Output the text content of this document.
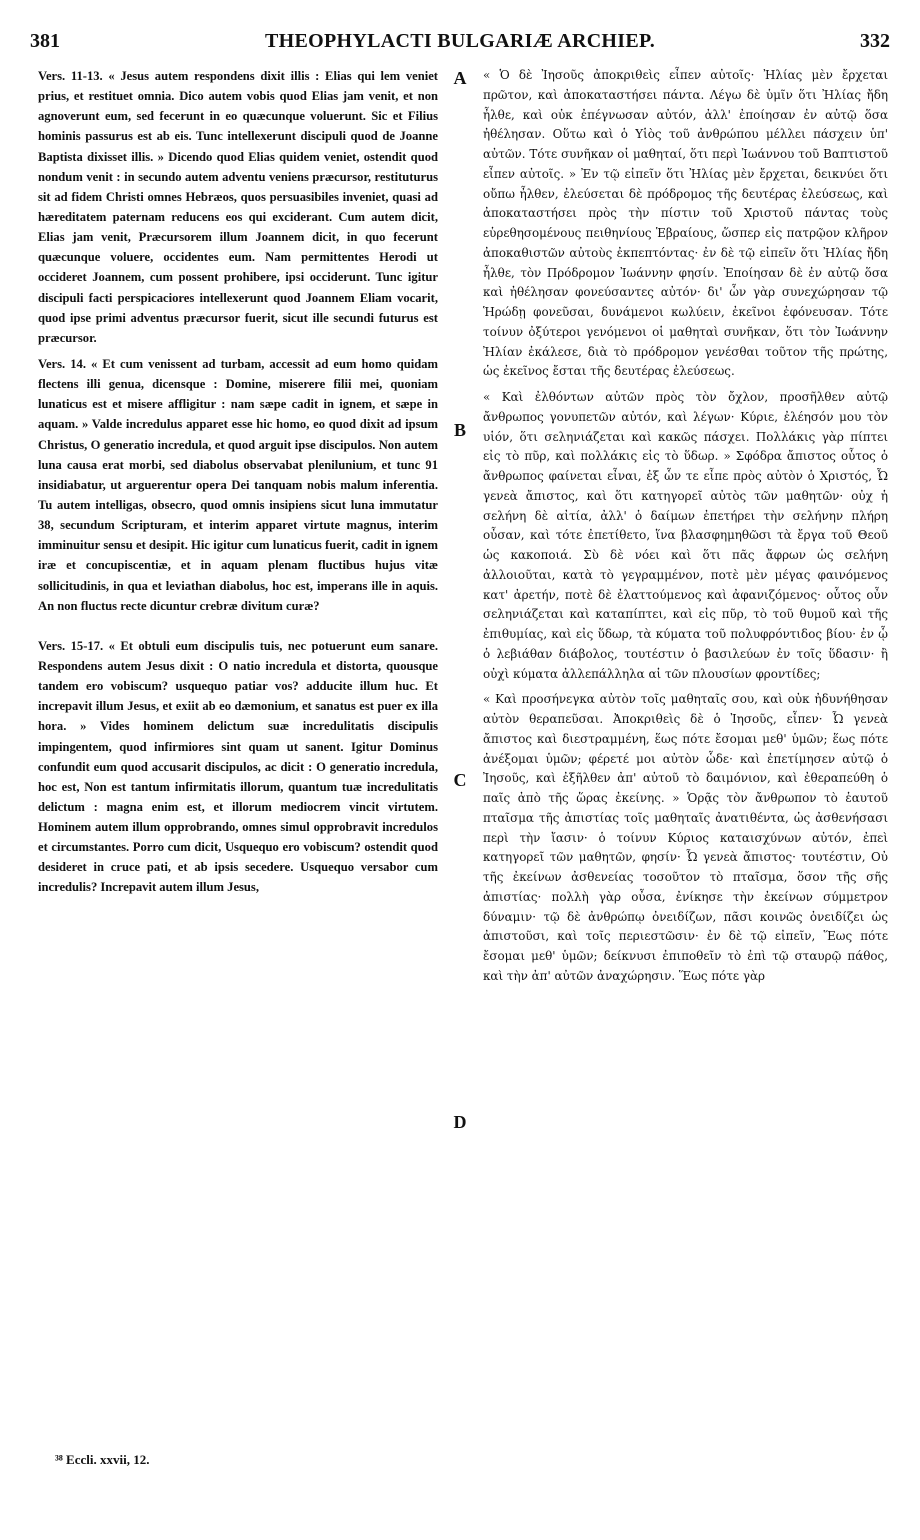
381	THEOPHYLACTI BULGARIÆ ARCHIEP.	332

Vers. 11-13. « Jesus autem respondens dixit illis : Elias qui lem veniet prius, et restituet omnia. Dico autem vobis quod Elias jam venit, et non agnoverunt eum, sed fecerunt in eo quæcunque voluerunt. Sic et Filius hominis passurus est ab eis. Tunc intellexerunt discipuli quod de Joanne Baptista dixisset illis. » Dicendo quod Elias quidem veniet, ostendit quod nondum venit : in secundo autem adventu veniens præcursor, restituturus sit ad fidem Christi omnes Hebræos, quos persuasibiles inveniet, quasi ad hæreditatem paternam reducens eos qui exciderant. Cum autem dicit, Elias jam venit, Præcursorem illum Joannem dicit, in quo fecerunt quæcunque voluere, occidentes eum. Nam permittentes Herodi ut occideret Joannem, cum possent prohibere, ipsi occiderunt. Tunc igitur discipuli facti perspicaciores intellexerunt quod Joannem Eliam vocarit, quod ipse primi adventus præcursor fuerit, sicut ille secundi futurus est præcursor.

Vers. 14. « Et cum venissent ad turbam, accessit ad eum homo quidam flectens illi genua, dicensque : Domine, miserere filii mei, quoniam lunaticus est et misere affligitur : nam sæpe cadit in ignem, et sæpe in aquam. » Valde incredulus apparet esse hic homo, eo quod dixit ad ipsum Christus, O generatio incredula, et quod arguit ipse discipulos. Non autem luna causa erat morbi, sed diabolus observabat plenilunium, et tunc 91 insidiabatur, ut arguerentur opera Dei tanquam nobis malum inferentia. Tu autem intelligas, obsecro, quod omnis insipiens sicut luna immutatur 38, secundum Scripturam, et interim apparet virtute magnus, interim imminuitur sensu et desipit. Hic igitur cum lunaticus fuerit, cadit in ignem iræ et concupiscentiæ, et in aquam plenam fluctibus hujus vitæ sollicitudinis, in qua et leviathan diabolus, hoc est, imperans ille in aquis. An non fluctus recte dicuntur crebræ divitum curæ?

Vers. 15-17. « Et obtuli eum discipulis tuis, nec potuerunt eum sanare. Respondens autem Jesus dixit : O natio incredula et distorta, quousque tandem ero vobiscum? usquequo patiar vos? adducite illum huc. Et increpavit illum Jesus, et exiit ab eo dæmonium, et sanatus est puer ex illa hora. » Vides hominem delictum suæ incredulitatis discipulis impingentem, quod infirmiores sint quam ut sanent. Igitur Dominus confundit eum quod accusarit discipulos, ac dicit : O generatio incredula, hoc est, Non est tantum infirmitatis illorum, quantum tuæ incredulitatis delictum : magna enim est, et illorum mediocrem vincit virtutem. Hominem autem illum opprobrando, omnes simul opprobravit incredulos et circumstantes. Porro cum dicit, Usquequo ero vobiscum? ostendit quod desideret in cruce pati, et ab ipsis secedere. Usquequo versabor cum incredulis? Increpavit autem illum Jesus,

A
B
C
D

« Ὁ δὲ Ἰησοῦς ἀποκριθεὶς εἶπεν αὐτοῖς· Ἠλίας μὲν ἔρχεται πρῶτον, καὶ ἀποκαταστήσει πάντα. Λέγω δὲ ὑμῖν ὅτι Ἠλίας ἤδη ἦλθε, καὶ οὐκ ἐπέγνωσαν αὐτόν, ἀλλ' ἐποίησαν ἐν αὐτῷ ὅσα ἠθέλησαν. Οὕτω καὶ ὁ Υἱὸς τοῦ ἀνθρώπου μέλλει πάσχειν ὑπ' αὐτῶν. Τότε συνῆκαν οἱ μαθηταί, ὅτι περὶ Ἰωάννου τοῦ Βαπτιστοῦ εἶπεν αὐτοῖς. » Ἐν τῷ εἰπεῖν ὅτι Ἠλίας μὲν ἔρχεται, δεικνύει ὅτι οὔπω ἦλθεν, ἐλεύσεται δὲ πρόδρομος τῆς δευτέρας ἐλεύσεως, καὶ ἀποκαταστήσει πρὸς τὴν πίστιν τοῦ Χριστοῦ πάντας τοὺς εὑρεθησομένους πειθηνίους Ἑβραίους, ὥσπερ εἰς πατρῷον κλῆρον ἀποκαθιστῶν αὐτοὺς ἐκπεπτόντας· ἐν δὲ τῷ εἰπεῖν ὅτι Ἠλίας ἤδη ἦλθε, τὸν Πρόδρομον Ἰωάννην φησίν. Ἐποίησαν δὲ ἐν αὐτῷ ὅσα καὶ ἠθέλησαν φονεύσαντες αὐτόν· δι' ὧν γὰρ συνεχώρησαν τῷ Ἡρώδῃ φονεῦσαι, δυνάμενοι κωλύειν, ἐκεῖνοι ἐφόνευσαν. Τότε τοίνυν ὀξύτεροι γενόμενοι οἱ μαθηταὶ συνῆκαν, ὅτι τὸν Ἰωάννην Ἠλίαν ἐκάλεσε, διὰ τὸ πρόδρομον γενέσθαι τοῦτον τῆς πρώτης, ὡς ἐκεῖνος ἔσται τῆς δευτέρας ἐλεύσεως.

« Καὶ ἐλθόντων αὐτῶν πρὸς τὸν ὄχλον, προσῆλθεν αὐτῷ ἄνθρωπος γονυπετῶν αὐτόν, καὶ λέγων· Κύριε, ἐλέησόν μου τὸν υἱόν, ὅτι σεληνιάζεται καὶ κακῶς πάσχει. Πολλάκις γὰρ πίπτει εἰς τὸ πῦρ, καὶ πολλάκις εἰς τὸ ὕδωρ. » Σφόδρα ἄπιστος οὗτος ὁ ἄνθρωπος φαίνεται εἶναι, ἐξ ὧν τε εἶπε πρὸς αὐτὸν ὁ Χριστός, Ὦ γενεὰ ἄπιστος, καὶ ὅτι κατηγορεῖ αὐτὸς τῶν μαθητῶν· οὐχ ἡ σελήνη δὲ αἰτία, ἀλλ' ὁ δαίμων ἐπετήρει τὴν σελήνην πλήρη οὖσαν, καὶ τότε ἐπετίθετο, ἵνα βλασφημηθῶσι τὰ ἔργα τοῦ Θεοῦ ὡς κακοποιά. Σὺ δὲ νόει καὶ ὅτι πᾶς ἄφρων ὡς σελήνη ἀλλοιοῦται, κατὰ τὸ γεγραμμένον, ποτὲ μὲν μέγας φαινόμενος κατ' ἀρετήν, ποτὲ δὲ ἐλαττούμενος καὶ ἀφανιζόμενος· οὗτος οὖν σεληνιάζεται καὶ καταπίπτει, καὶ εἰς πῦρ, τὸ τοῦ θυμοῦ καὶ τῆς ἐπιθυμίας, καὶ εἰς ὕδωρ, τὰ κύματα τοῦ πολυφρόντιδος βίου· ἐν ᾧ ὁ λεβιάθαν διάβολος, τουτέστιν ὁ βασιλεύων ἐν τοῖς ὕδασιν· ἢ οὐχὶ κύματα ἀλλεπάλληλα αἱ τῶν πλουσίων φροντίδες;

« Καὶ προσήνεγκα αὐτὸν τοῖς μαθηταῖς σου, καὶ οὐκ ἠδυνήθησαν αὐτὸν θεραπεῦσαι. Ἀποκριθεὶς δὲ ὁ Ἰησοῦς, εἶπεν· Ὦ γενεὰ ἄπιστος καὶ διεστραμμένη, ἕως πότε ἔσομαι μεθ' ὑμῶν; ἕως πότε ἀνέξομαι ὑμῶν; φέρετέ μοι αὐτὸν ὧδε· καὶ ἐπετίμησεν αὐτῷ ὁ Ἰησοῦς, καὶ ἐξῆλθεν ἀπ' αὐτοῦ τὸ δαιμόνιον, καὶ ἐθεραπεύθη ὁ παῖς ἀπὸ τῆς ὥρας ἐκείνης. » Ὁρᾷς τὸν ἄνθρωπον τὸ ἑαυτοῦ πταῖσμα τῆς ἀπιστίας τοῖς μαθηταῖς ἀνατιθέντα, ὡς ἀσθενήσασι περὶ τὴν ἴασιν· ὁ τοίνυν Κύριος καταισχύνων αὐτόν, ἐπεὶ κατηγορεῖ τῶν μαθητῶν, φησίν· Ὦ γενεὰ ἄπιστος· τουτέστιν, Οὐ τῆς ἐκείνων ἀσθενείας τοσοῦτον τὸ πταῖσμα, ὅσον τῆς σῆς ἀπιστίας· πολλὴ γὰρ οὖσα, ἐνίκησε τὴν ἐκείνων σύμμετρον δύναμιν· τῷ δὲ ἀνθρώπῳ ὀνειδίζων, πᾶσι κοινῶς ὀνειδίζει ὡς ἀπιστοῦσι, καὶ τοῖς περιεστῶσιν· ἐν δὲ τῷ εἰπεῖν, Ἕως πότε ἔσομαι μεθ' ὑμῶν; δείκνυσι ἐπιποθεῖν τὸ ἐπὶ τῷ σταυρῷ πάθος, καὶ τὴν ἀπ' αὐτῶν ἀναχώρησιν. Ἕως πότε γὰρ

³⁸ Eccli. xxvii, 12.
